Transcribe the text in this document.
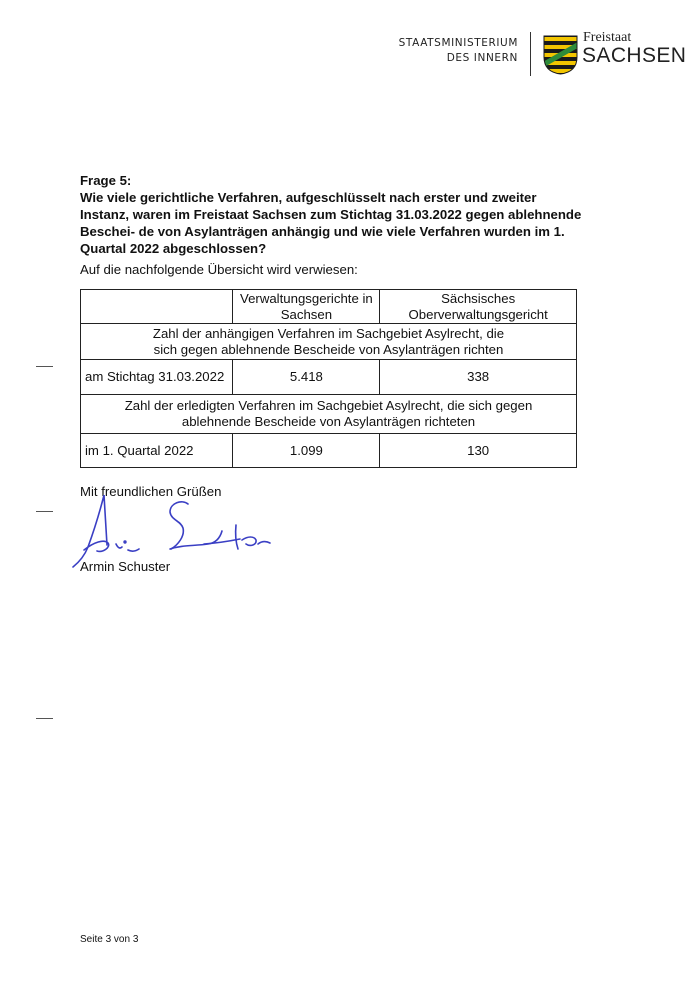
STAATSMINISTERIUM
DES INNERN
Freistaat
SACHSEN
Frage 5:
Wie viele gerichtliche Verfahren, aufgeschlüsselt nach erster und zweiter Instanz, waren im Freistaat Sachsen zum Stichtag 31.03.2022 gegen ablehnende Beschei- de von Asylanträgen anhängig und wie viele Verfahren wurden im 1. Quartal 2022 abgeschlossen?
Auf die nachfolgende Übersicht wird verwiesen:
	Verwaltungsgerichte in Sachsen	Sächsisches Oberverwaltungsgericht
Zahl der anhängigen Verfahren im Sachgebiet Asylrecht, die sich gegen ablehnende Bescheide von Asylanträgen richten		
am Stichtag 31.03.2022	5.418	338
Zahl der erledigten Verfahren im Sachgebiet Asylrecht, die sich gegen ablehnende Bescheide von Asylanträgen richteten		
im 1. Quartal 2022	1.099	130
Mit freundlichen Grüßen
Armin Schuster
Seite 3 von 3
